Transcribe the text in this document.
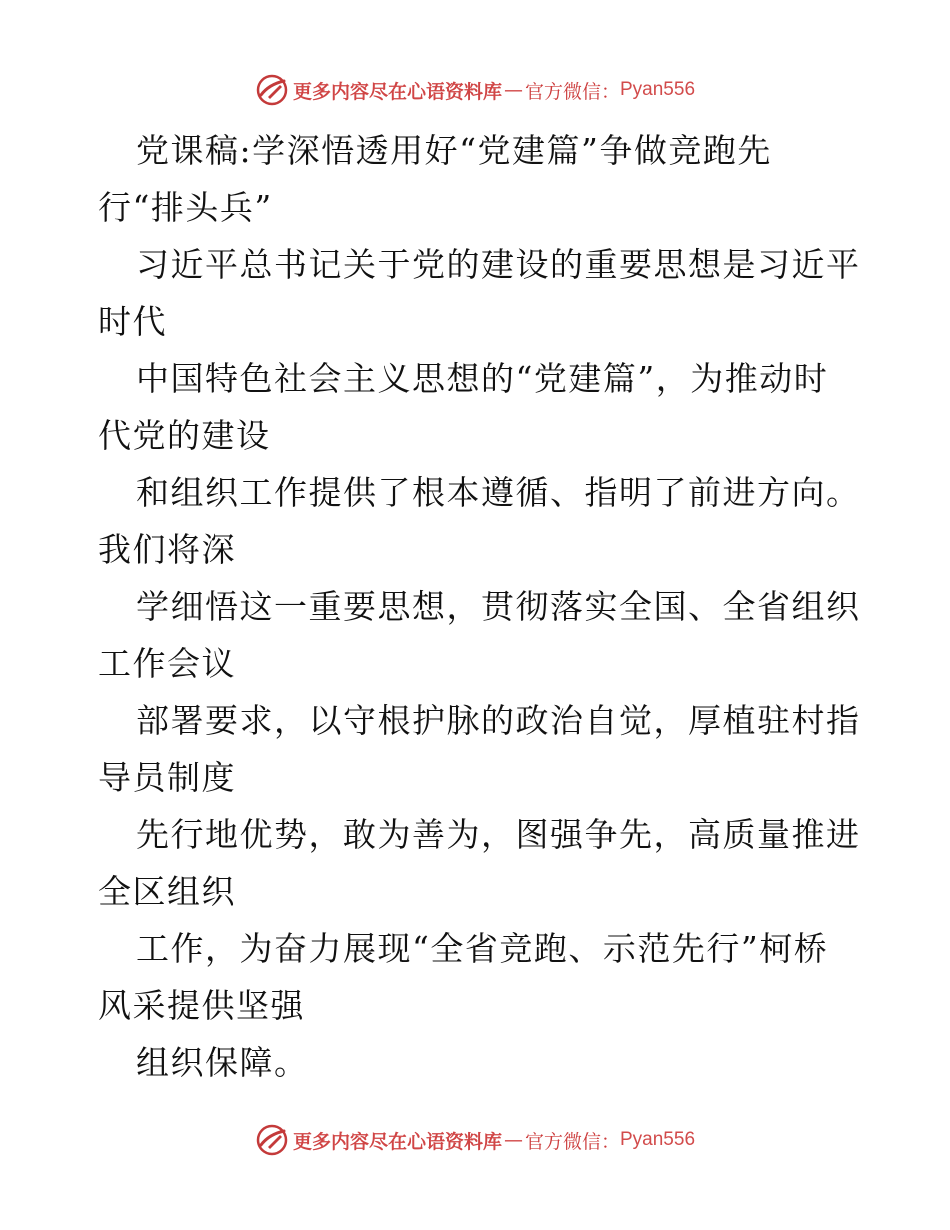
更多内容尽在心语资料库 — 官方微信： Pyan556
党课稿:学深悟透用好“党建篇”争做竞跑先
行“排头兵”
习近平总书记关于党的建设的重要思想是习近平
时代
中国特色社会主义思想的“党建篇”，为推动时
代党的建设
和组织工作提供了根本遵循、指明了前进方向。
我们将深
学细悟这一重要思想，贯彻落实全国、全省组织
工作会议
部署要求，以守根护脉的政治自觉，厚植驻村指
导员制度
先行地优势，敢为善为，图强争先，高质量推进
全区组织
工作，为奋力展现“全省竞跑、示范先行”柯桥
风采提供坚强
组织保障。
更多内容尽在心语资料库 — 官方微信： Pyan556
